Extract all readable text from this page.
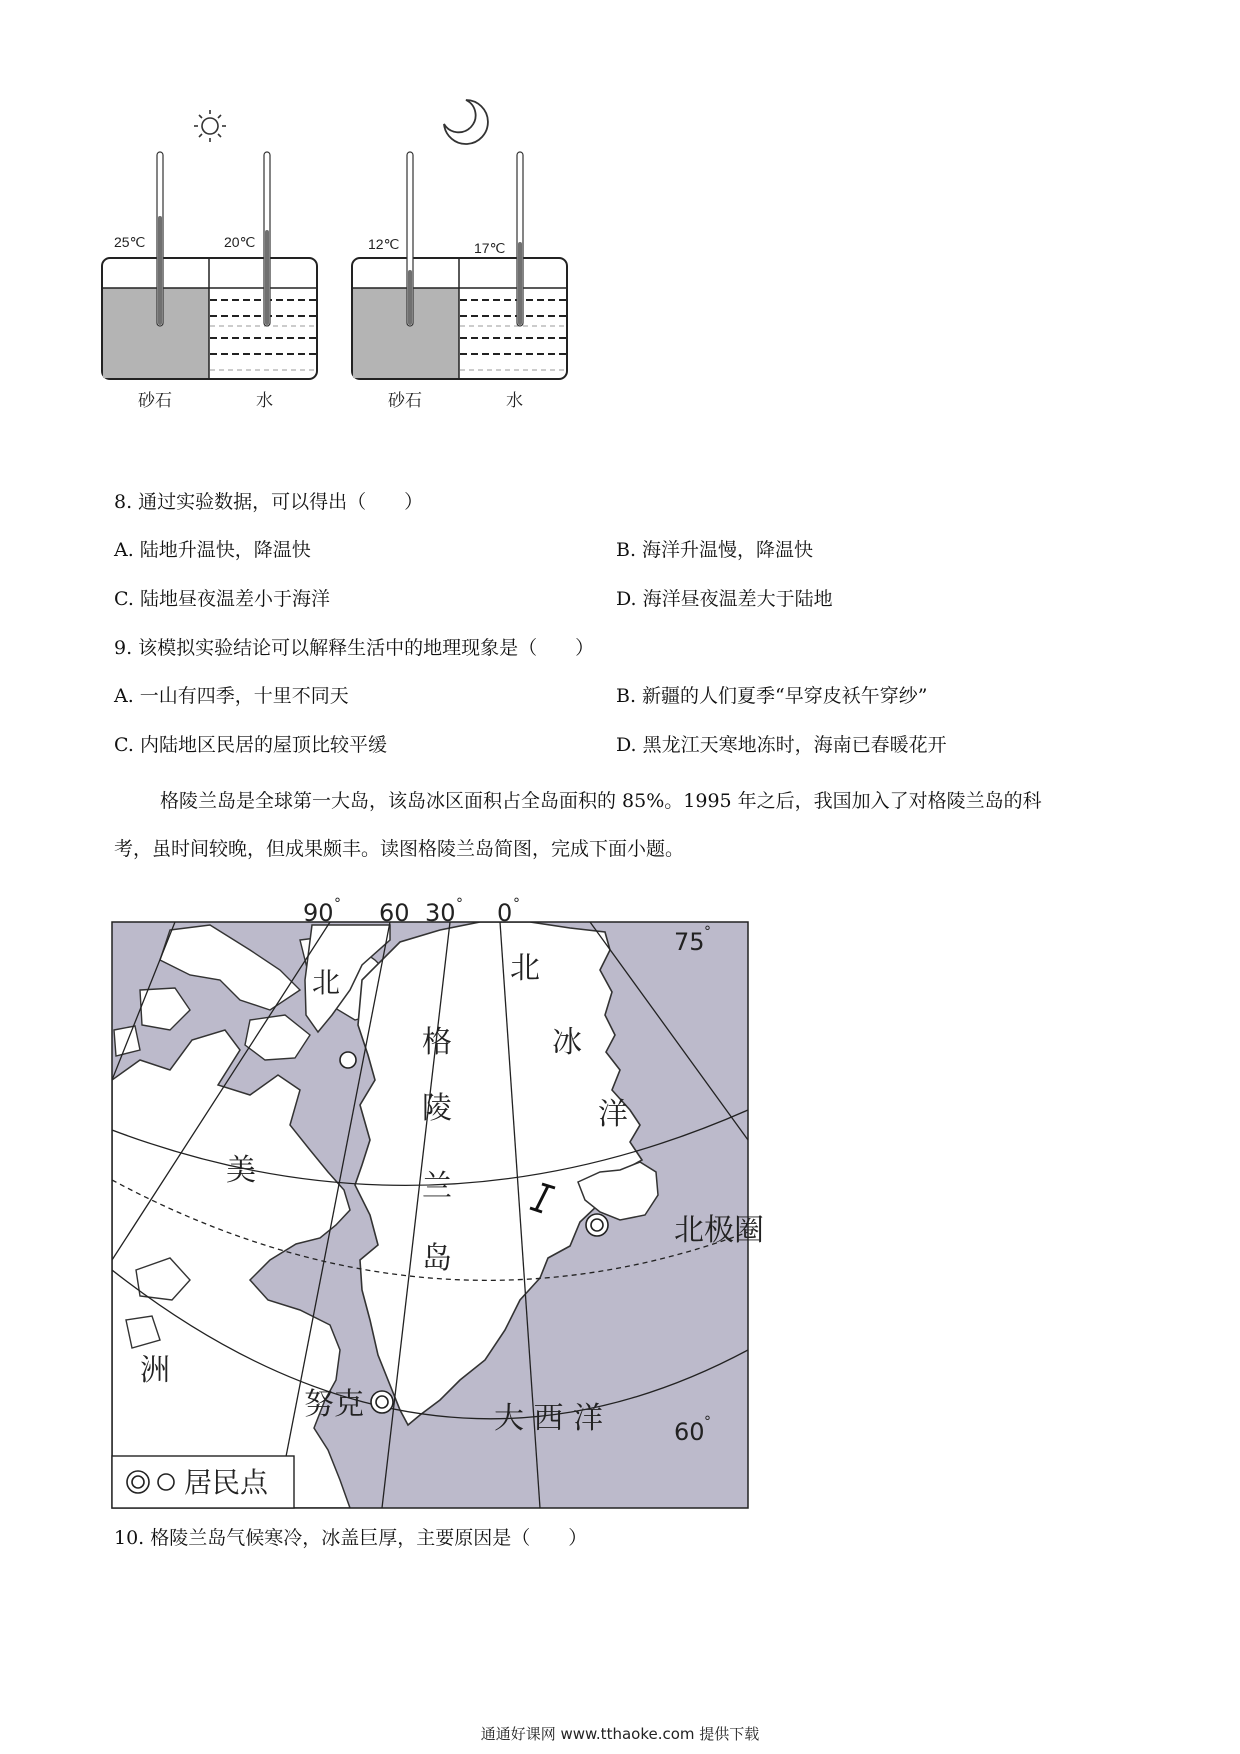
25℃	20℃	12℃	17℃
砂石	水	砂石	水
8. 通过实验数据，可以得出（　　）
A. 陆地升温快，降温快	B. 海洋升温慢，降温快
C. 陆地昼夜温差小于海洋	D. 海洋昼夜温差大于陆地
9. 该模拟实验结论可以解释生活中的地理现象是（　　）
A. 一山有四季，十里不同天	B. 新疆的人们夏季“早穿皮袄午穿纱”
C. 内陆地区民居的屋顶比较平缓	D. 黑龙江天寒地冻时，海南已春暖花开
格陵兰岛是全球第一大岛，该岛冰区面积占全岛面积的 85%。1995 年之后，我国加入了对格陵兰岛的科
考，虽时间较晚，但成果颇丰。读图格陵兰岛简图，完成下面小题。
居民点
90 ° 60 30 ° 0 °
75 °
60 °
北极圈
北
格
陵
兰
岛
美
洲
北
冰
洋
大 西 洋
努克
10. 格陵兰岛气候寒冷，冰盖巨厚，主要原因是（　　）
通通好课网 www.tthaoke.com 提供下载
